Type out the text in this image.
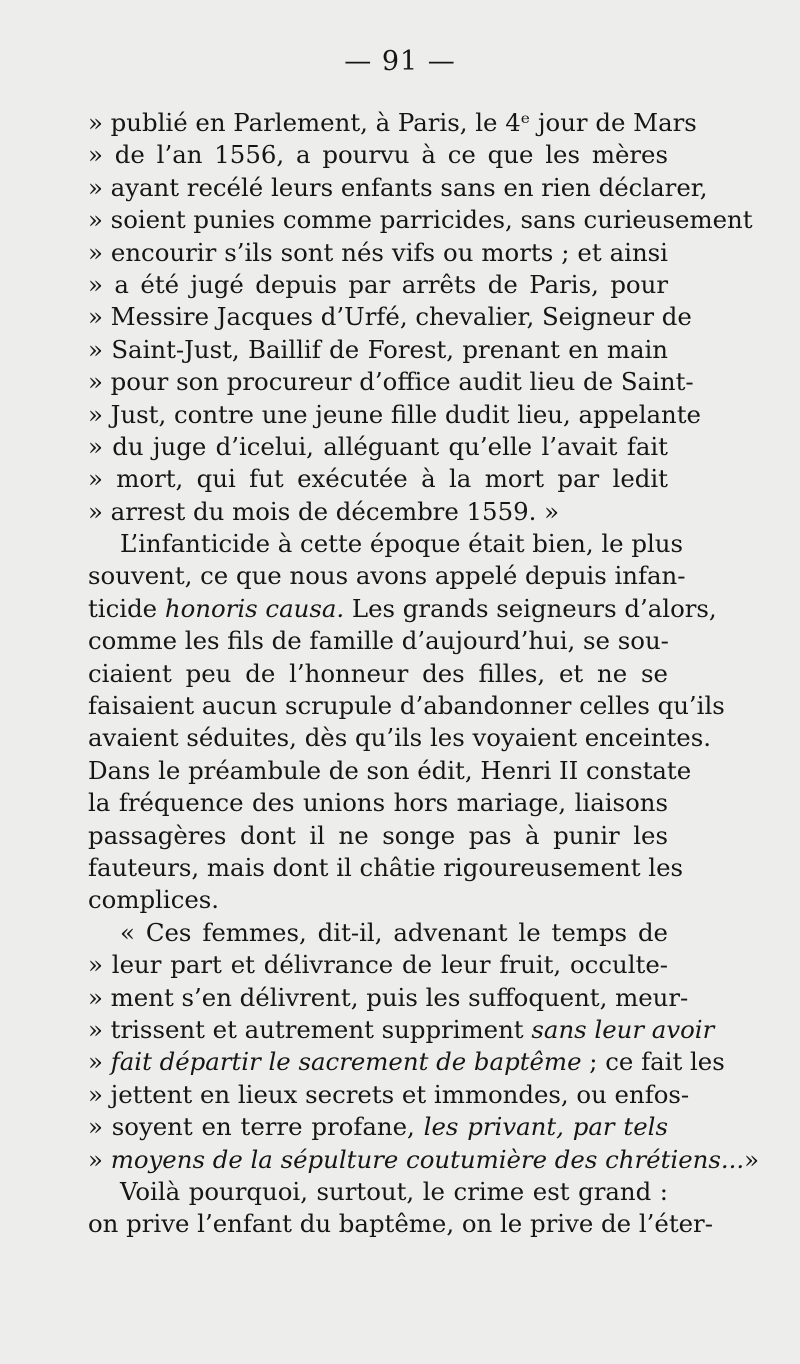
— 91 —
» publié en Parlement, à Paris, le 4ᵉ jour de Mars
» de l’an 1556, a pourvu à ce que les mères
» ayant recélé leurs enfants sans en rien déclarer,
» soient punies comme parricides, sans curieusement
» encourir s’ils sont nés vifs ou morts ; et ainsi
» a été jugé depuis par arrêts de Paris, pour
» Messire Jacques d’Urfé, chevalier, Seigneur de
» Saint-Just, Baillif de Forest, prenant en main
» pour son procureur d’office audit lieu de Saint-
» Just, contre une jeune fille dudit lieu, appelante
» du juge d’icelui, alléguant qu’elle l’avait fait
» mort, qui fut exécutée à la mort par ledit
» arrest du mois de décembre 1559. »
L’infanticide à cette époque était bien, le plus
souvent, ce que nous avons appelé depuis infan-
ticide honoris causa. Les grands seigneurs d’alors,
comme les fils de famille d’aujourd’hui, se sou-
ciaient peu de l’honneur des filles, et ne se
faisaient aucun scrupule d’abandonner celles qu’ils
avaient séduites, dès qu’ils les voyaient enceintes.
Dans le préambule de son édit, Henri II constate
la fréquence des unions hors mariage, liaisons
passagères dont il ne songe pas à punir les
fauteurs, mais dont il châtie rigoureusement les
complices.
« Ces femmes, dit-il, advenant le temps de
» leur part et délivrance de leur fruit, occulte-
» ment s’en délivrent, puis les suffoquent, meur-
» trissent et autrement suppriment sans leur avoir
» fait départir le sacrement de baptême ; ce fait les
» jettent en lieux secrets et immondes, ou enfos-
» soyent en terre profane, les privant, par tels
» moyens de la sépulture coutumière des chrétiens...»
Voilà pourquoi, surtout, le crime est grand :
on prive l’enfant du baptême, on le prive de l’éter-
